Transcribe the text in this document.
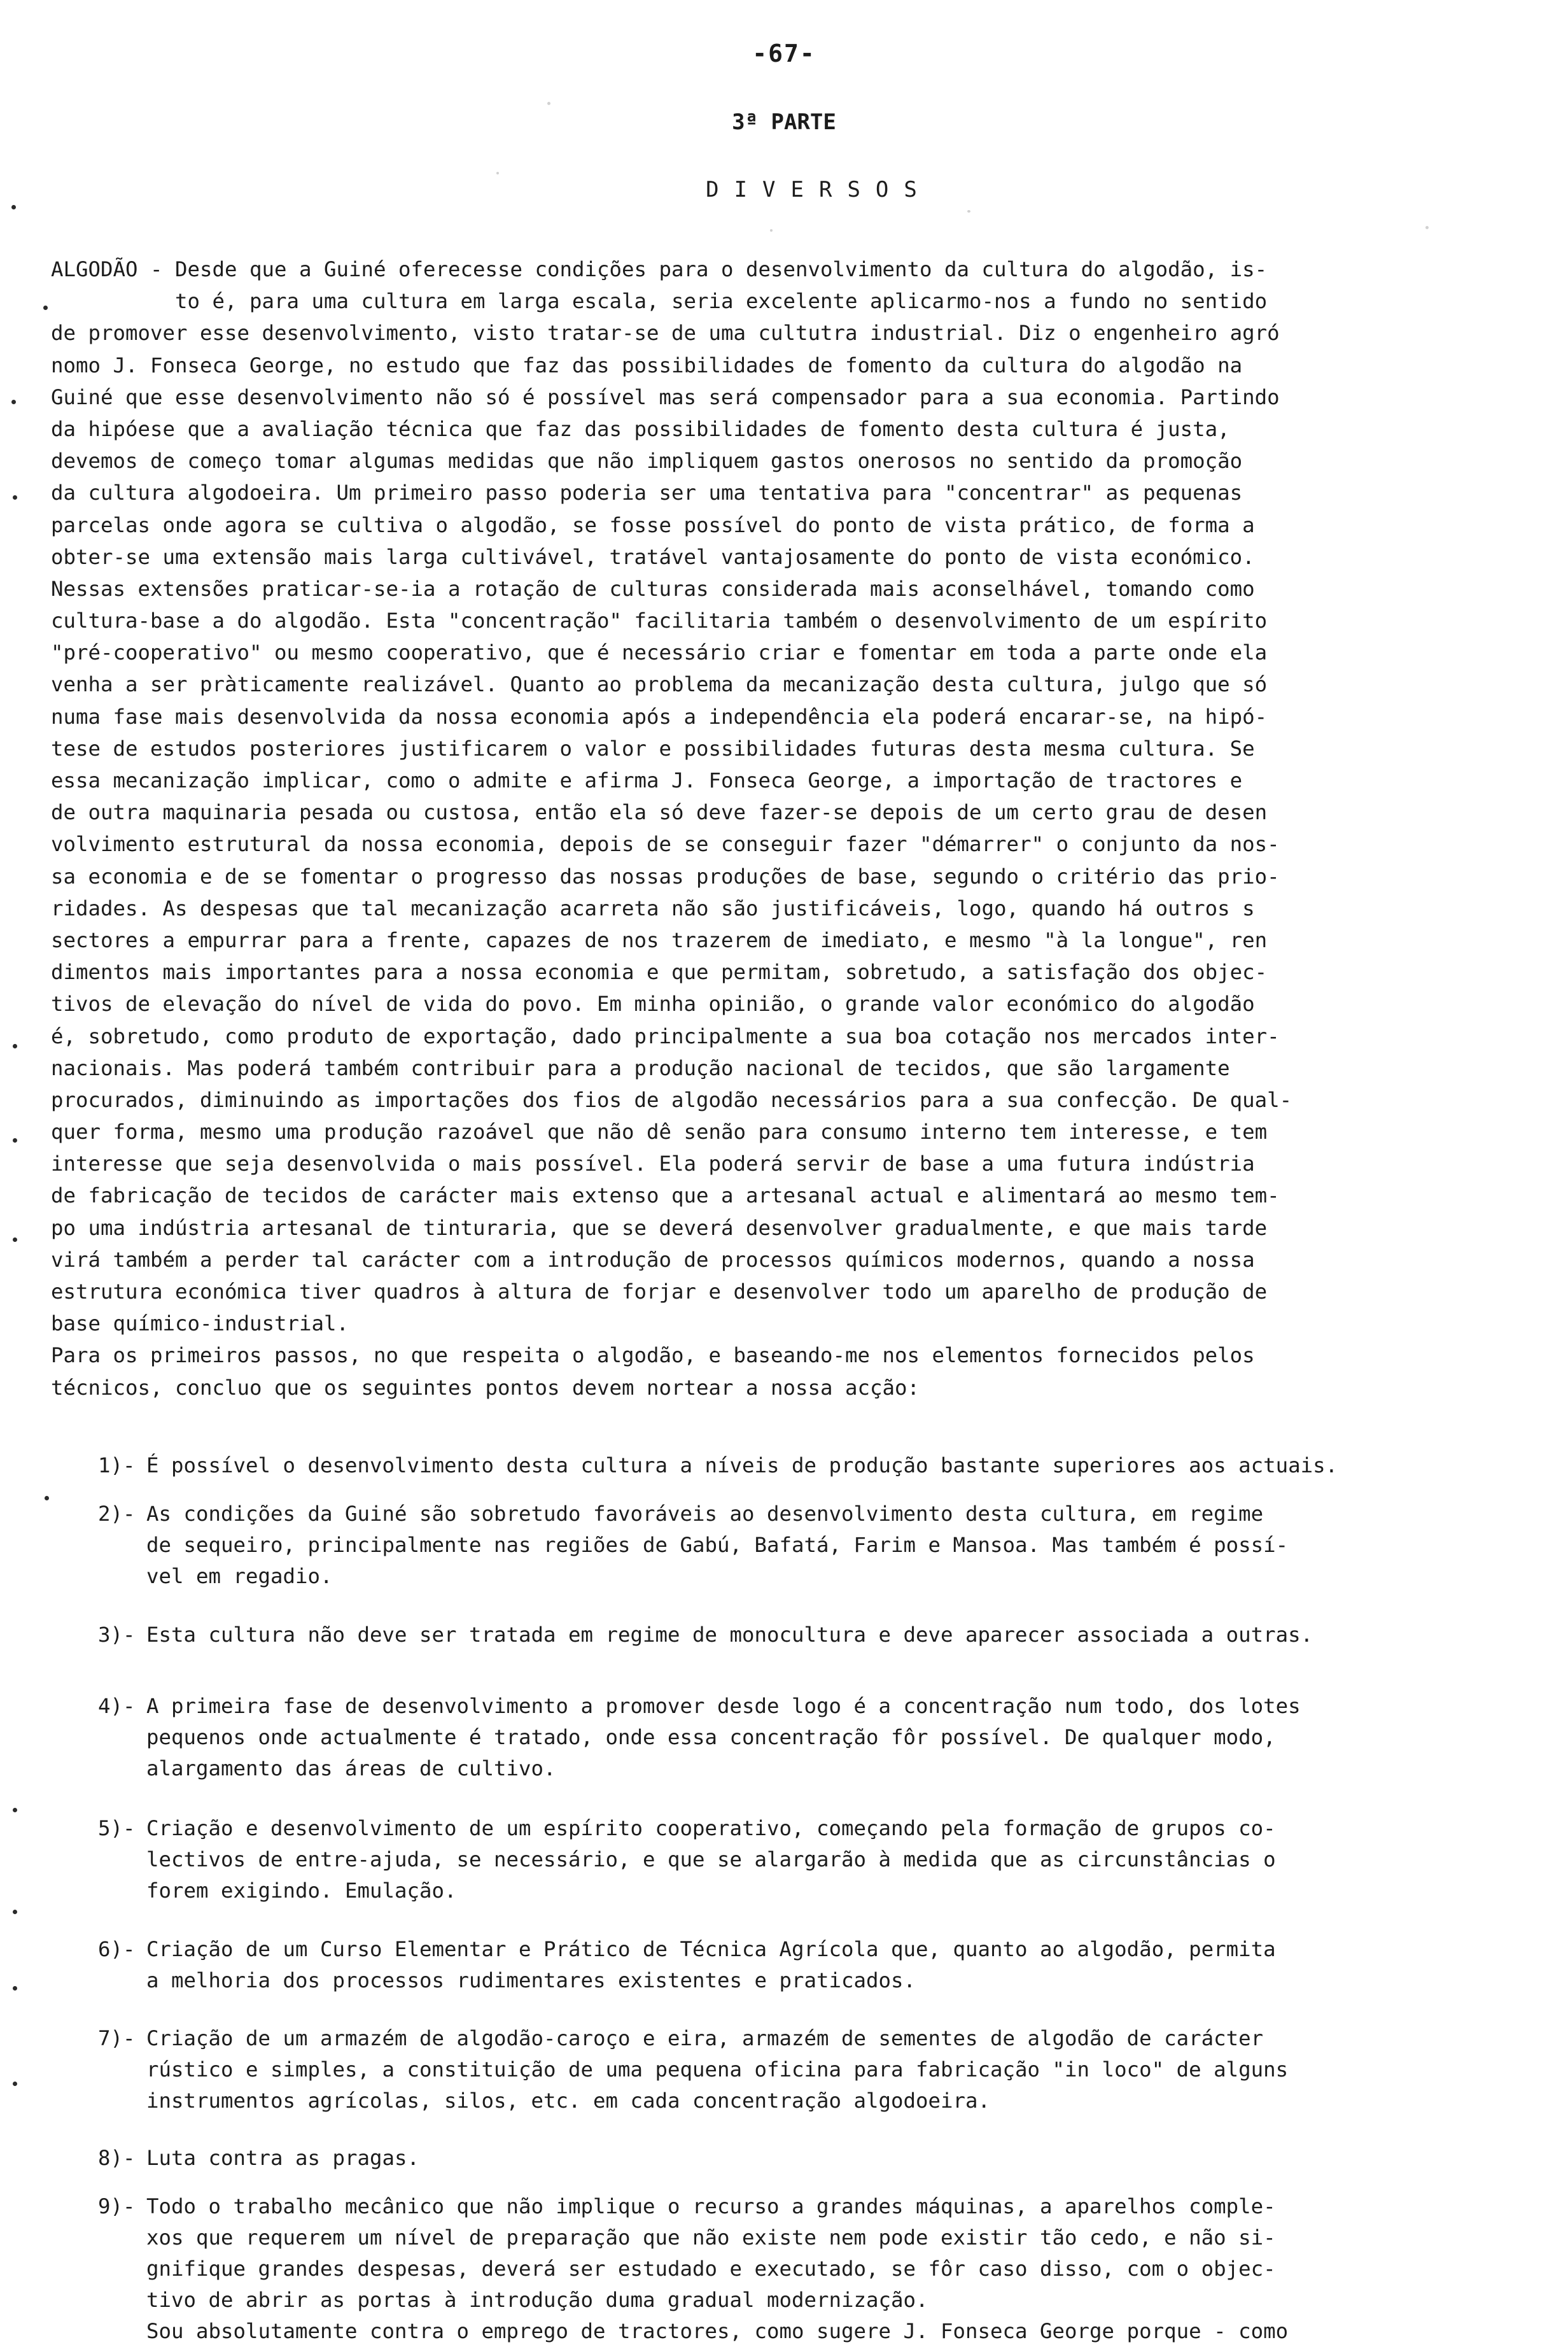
-67-
3ª PARTE
DIVERSOS
ALGODÃO - Desde que a Guiné oferecesse condições para o desenvolvimento da cultura do algodão, is-
to é, para uma cultura em larga escala, seria excelente aplicarmo-nos a fundo no sentido
de promover esse desenvolvimento, visto tratar-se de uma cultutra industrial. Diz o engenheiro agró
nomo J. Fonseca George, no estudo que faz das possibilidades de fomento da cultura do algodão na
Guiné que esse desenvolvimento não só é possível mas será compensador para a sua economia. Partindo
da hipóese que a avaliação técnica que faz das possibilidades de fomento desta cultura é justa,
devemos de começo tomar algumas medidas que não impliquem gastos onerosos no sentido da promoção
da cultura algodoeira. Um primeiro passo poderia ser uma tentativa para "concentrar" as pequenas
parcelas onde agora se cultiva o algodão, se fosse possível do ponto de vista prático, de forma a
obter-se uma extensão mais larga cultivável, tratável vantajosamente do ponto de vista económico.
Nessas extensões praticar-se-ia a rotação de culturas considerada mais aconselhável, tomando como
cultura-base a do algodão. Esta "concentração" facilitaria também o desenvolvimento de um espírito
"pré-cooperativo" ou mesmo cooperativo, que é necessário criar e fomentar em toda a parte onde ela
venha a ser pràticamente realizável. Quanto ao problema da mecanização desta cultura, julgo que só
numa fase mais desenvolvida da nossa economia após a independência ela poderá encarar-se, na hipó-
tese de estudos posteriores justificarem o valor e possibilidades futuras desta mesma cultura. Se
essa mecanização implicar, como o admite e afirma J. Fonseca George, a importação de tractores e
de outra maquinaria pesada ou custosa, então ela só deve fazer-se depois de um certo grau de desen
volvimento estrutural da nossa economia, depois de se conseguir fazer "démarrer" o conjunto da nos-
sa economia e de se fomentar o progresso das nossas produções de base, segundo o critério das prio-
ridades. As despesas que tal mecanização acarreta não são justificáveis, logo, quando há outros s
sectores a empurrar para a frente, capazes de nos trazerem de imediato, e mesmo "à la longue", ren
dimentos mais importantes para a nossa economia e que permitam, sobretudo, a satisfação dos objec-
tivos de elevação do nível de vida do povo. Em minha opinião, o grande valor económico do algodão
é, sobretudo, como produto de exportação, dado principalmente a sua boa cotação nos mercados inter-
nacionais. Mas poderá também contribuir para a produção nacional de tecidos, que são largamente
procurados, diminuindo as importações dos fios de algodão necessários para a sua confecção. De qual-
quer forma, mesmo uma produção razoável que não dê senão para consumo interno tem interesse, e tem
interesse que seja desenvolvida o mais possível. Ela poderá servir de base a uma futura indústria
de fabricação de tecidos de carácter mais extenso que a artesanal actual e alimentará ao mesmo tem-
po uma indústria artesanal de tinturaria, que se deverá desenvolver gradualmente, e que mais tarde
virá também a perder tal carácter com a introdução de processos químicos modernos, quando a nossa
estrutura económica tiver quadros à altura de forjar e desenvolver todo um aparelho de produção de
base químico-industrial.
Para os primeiros passos, no que respeita o algodão, e baseando-me nos elementos fornecidos pelos
técnicos, concluo que os seguintes pontos devem nortear a nossa acção:
1)- É possível o desenvolvimento desta cultura a níveis de produção bastante superiores aos actuais.
2)- As condições da Guiné são sobretudo favoráveis ao desenvolvimento desta cultura, em regime
de sequeiro, principalmente nas regiões de Gabú, Bafatá, Farim e Mansoa. Mas também é possí-
vel em regadio.
3)- Esta cultura não deve ser tratada em regime de monocultura e deve aparecer associada a outras.
4)- A primeira fase de desenvolvimento a promover desde logo é a concentração num todo, dos lotes
pequenos onde actualmente é tratado, onde essa concentração fôr possível. De qualquer modo,
alargamento das áreas de cultivo.
5)- Criação e desenvolvimento de um espírito cooperativo, começando pela formação de grupos co-
lectivos de entre-ajuda, se necessário, e que se alargarão à medida que as circunstâncias o
forem exigindo. Emulação.
6)- Criação de um Curso Elementar e Prático de Técnica Agrícola que, quanto ao algodão, permita
a melhoria dos processos rudimentares existentes e praticados.
7)- Criação de um armazém de algodão-caroço e eira, armazém de sementes de algodão de carácter
rústico e simples, a constituição de uma pequena oficina para fabricação "in loco" de alguns
instrumentos agrícolas, silos, etc. em cada concentração algodoeira.
8)- Luta contra as pragas.
9)- Todo o trabalho mecânico que não implique o recurso a grandes máquinas, a aparelhos comple-
xos que requerem um nível de preparação que não existe nem pode existir tão cedo, e não si-
gnifique grandes despesas, deverá ser estudado e executado, se fôr caso disso, com o objec-
tivo de abrir as portas à introdução duma gradual modernização.
Sou absolutamente contra o emprego de tractores, como sugere J. Fonseca George porque - como
